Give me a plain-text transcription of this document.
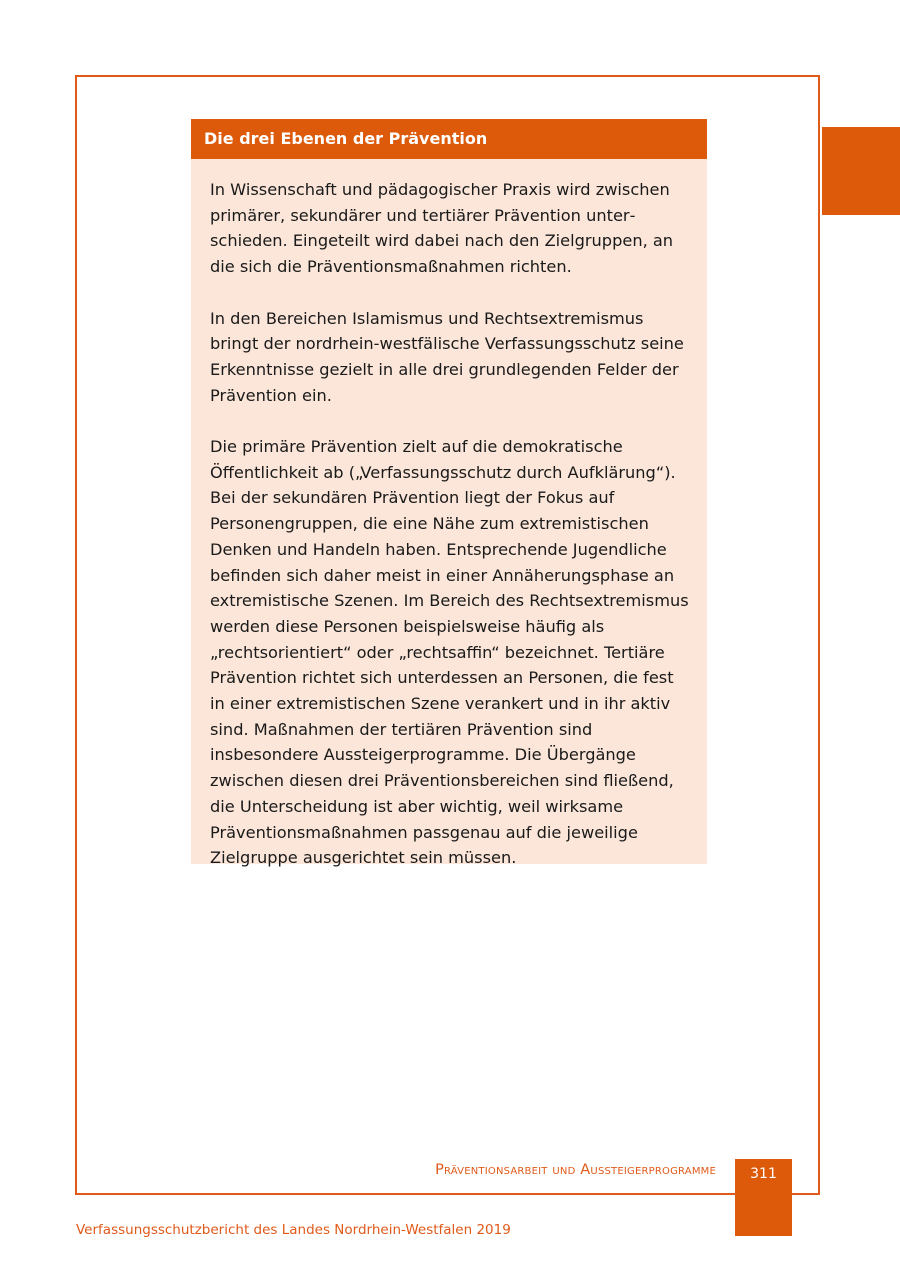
Die drei Ebenen der Prävention

In Wissenschaft und pädagogischer Praxis wird zwischen primärer, sekundärer und tertiärer Prävention unterschieden. Eingeteilt wird dabei nach den Zielgruppen, an die sich die Präventionsmaßnahmen richten.

In den Bereichen Islamismus und Rechtsextremismus bringt der nordrhein-westfälische Verfassungsschutz seine Erkenntnisse gezielt in alle drei grundlegenden Felder der Prävention ein.

Die primäre Prävention zielt auf die demokratische Öffentlichkeit ab („Verfassungsschutz durch Aufklärung“). Bei der sekundären Prävention liegt der Fokus auf Personengruppen, die eine Nähe zum extremistischen Denken und Handeln haben. Entsprechende Jugendliche befinden sich daher meist in einer Annäherungsphase an extremistische Szenen. Im Bereich des Rechtsextremismus werden diese Personen beispielsweise häufig als „rechtsorientiert“ oder „rechtsaffin“ bezeichnet. Tertiäre Prävention richtet sich unterdessen an Personen, die fest in einer extremistischen Szene verankert und in ihr aktiv sind. Maßnahmen der tertiären Prävention sind insbesondere Aussteigerprogramme. Die Übergänge zwischen diesen drei Präventionsbereichen sind fließend, die Unterscheidung ist aber wichtig, weil wirksame Präventionsmaßnahmen passgenau auf die jeweilige Zielgruppe ausgerichtet sein müssen.

Präventionsarbeit und Aussteigerprogramme	311
Verfassungsschutzbericht des Landes Nordrhein-Westfalen 2019
